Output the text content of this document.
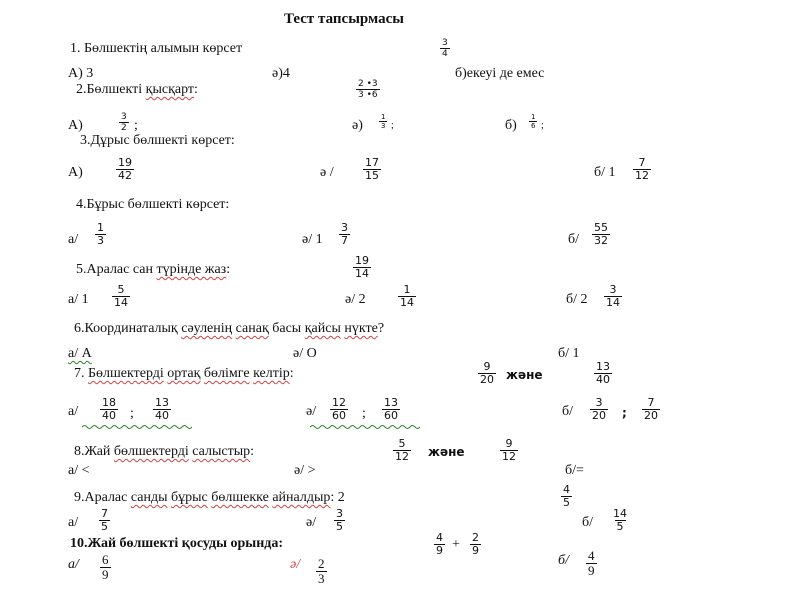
Тест тапсырмасы
1. Бөлшектің алымын көрсет	$\frac{3}{4}$
А) 3	ә)4	б)екеуі де емес
2.Бөлшекті қысқарт:	$\frac{2 •3}{3 •6}$
А)	$\frac{3}{2}$ ;	$ә) \frac{1}{3}$ ;	$б) \frac{1}{6}$ ;
3.Дұрыс бөлшекті көрсет:
А)	$\frac{19}{42}$	ә /	$\frac{17}{15}$	б/ $1 \frac{7}{12}$
4.Бұрыс бөлшекті көрсет:
$а/ \frac{1}{3}$	ә/ $1 \frac{3}{7}$	$б/ \frac{55}{32}$
5.Аралас сан түрінде жаз:	$\frac{19}{14}$
а/ $1 \frac{5}{14}$	ә/ 2	$\frac{1}{14}$	б/ $2 \frac{3}{14}$
6.Координаталық сәуленің санақ басы қайсы нүкте?
а/ А	ә/ О	б/ 1
7. Бөлшектерді ортақ бөлімге келтір:	$\frac{9}{20}$ және	$\frac{13}{40}$
$а/ \frac{18}{40}$ ; $\frac{13}{40}$	$ә/ \frac{12}{60}$ ; $\frac{13}{60}$	$б/ \frac{3}{20}$ ; $\frac{7}{20}$
8.Жай бөлшектерді салыстыр:	$\frac{5}{12}$ және	$\frac{9}{12}$
а/ <	ә/ >	б/=
9.Аралас санды бұрыс бөлшекке айналдыр: 2	$\frac{4}{5}$
$а/ \frac{7}{5}$	$ә/ \frac{3}{5}$	$б/ \frac{14}{5}$
10.Жай бөлшекті қосуды орында:	$\frac{4}{9} + \frac{2}{9}$
$а/ \frac{6}{9}$	$ә/ \frac{2}{3}$	$б/ \frac{4}{9}$
